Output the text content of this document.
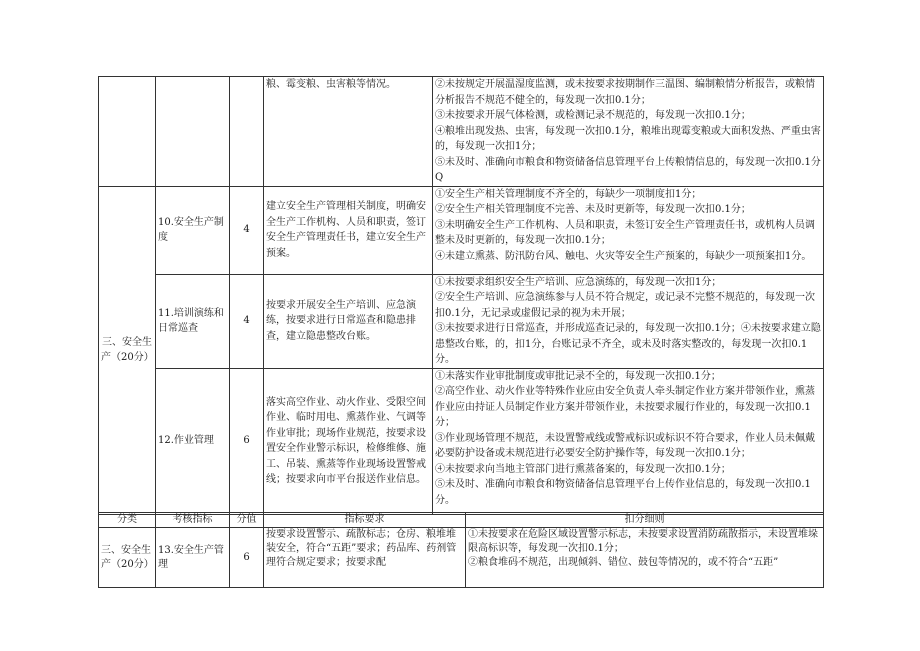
			粮、霉变粮、虫害粮等情况。	②未按规定开展温湿度监测，或未按要求按期制作三温图、编制粮情分析报告，或粮情分析报告不规范不健全的，每发现一次扣0.1分；
③未按要求开展气体检测，或检测记录不规范的，每发现一次扣0.1分；
④粮堆出现发热、虫害，每发现一次扣0.1分，粮堆出现霉变粮或大面积发热、严重虫害的，每发现一次扣1分；
⑤未及时、准确向市粮食和物资储备信息管理平台上传粮情信息的，每发现一次扣0.1分Q
三、安全生产（20分）	10.安全生产制度	4	建立安全生产管理相关制度，明确安全生产工作机构、人员和职责，签订安全生产管理责任书，建立安全生产预案。	①安全生产相关管理制度不齐全的，每缺少一项制度扣1分；
②安全生产相关管理制度不完善、未及时更新等，每发现一次扣0.1分；
③未明确安全生产工作机构、人员和职责，未签订安全生产管理责任书，或机构人员调整未及时更新的，每发现一次扣0.1分；
④未建立熏蒸、防汛防台风、触电、火灾等安全生产预案的，每缺少一项预案扣1分。
	11.培训演练和日常巡查	4	按要求开展安全生产培训、应急演练，按要求进行日常巡查和隐患排查，建立隐患整改台账。	①未按要求组织安全生产培训、应急演练的，每发现一次扣1分；
②安全生产培训、应急演练参与人员不符合规定，或记录不完整不规范的，每发现一次扣0.1分，无记录或虚假记录的视为未开展；
③未按要求进行日常巡查，并形成巡查记录的，每发现一次扣0.1分；④未按要求建立隐患整改台账，的，扣1分，台账记录不齐全，或未及时落实整改的，每发现一次扣0.1分。
	12.作业管理	6	落实高空作业、动火作业、受限空间作业、临时用电、熏蒸作业、气调等作业审批；现场作业规范，按要求设置安全作业警示标识，检修维修、施工、吊装、熏蒸等作业现场设置警戒线；按要求向市平台报送作业信息。	①未落实作业审批制度或审批记录不全的，每发现一次扣0.1分；
②高空作业、动火作业等特殊作业应由安全负责人牵头制定作业方案并带领作业，熏蒸作业应由持证人员制定作业方案并带领作业，未按要求履行作业的，每发现一次扣0.1分；
③作业现场管理不规范，未设置警戒线或警戒标识或标识不符合要求，作业人员未佩戴必要防护设备或未规范进行必要安全防护操作等，每发现一次扣0.1分；
④未按要求向当地主管部门进行熏蒸备案的，每发现一次扣0.1分；
⑤未及时、准确向市粮食和物资储备信息管理平台上传作业信息的，每发现一次扣0.1分。
分类	考核指标	分值	指标要求	扣分细则
三、安全生产（20分）	13.安全生产管理	6	按要求设置警示、疏散标志；仓房、粮堆堆装安全，符合“五距”要求；药品库、药剂管理符合规定要求；按要求配	①未按要求在危险区域设置警示标志，未按要求设置消防疏散指示，未设置堆垛限高标识等，每发现一次扣0.1分；
②粮食堆码不规范，出现倾斜、错位、鼓包等情况的，或不符合“五距”
